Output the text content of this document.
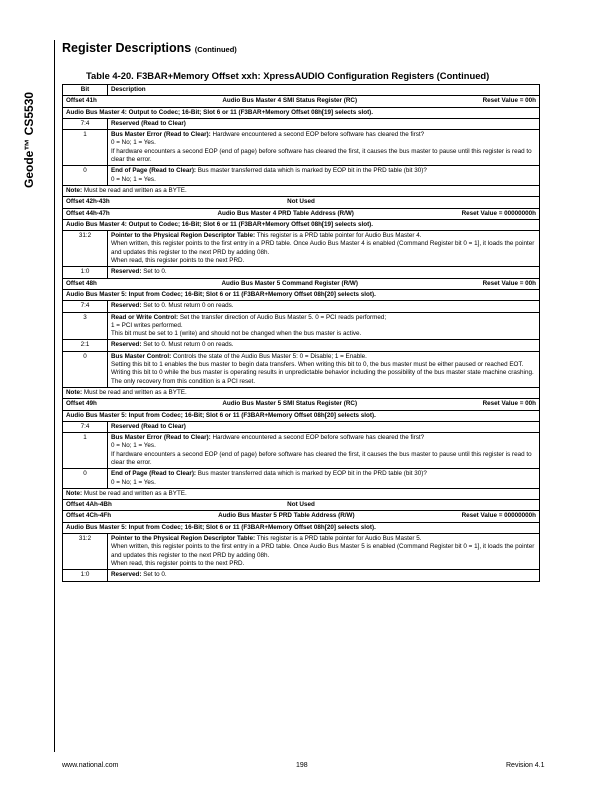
Geode™ CS5530
Register Descriptions (Continued)
Table 4-20. F3BAR+Memory Offset xxh: XpressAUDIO Configuration Registers (Continued)
Bit	Description

Offset 41h Audio Bus Master 4 SMI Status Register (RC) Reset Value = 00h	

Audio Bus Master 4: Output to Codec; 16-Bit; Slot 6 or 11 (F3BAR+Memory Offset 08h[19] selects slot).	
7:4	Reserved (Read to Clear)
1	Bus Master Error (Read to Clear): Hardware encountered a second EOP before software has cleared the first?
0 = No; 1 = Yes.
If hardware encounters a second EOP (end of page) before software has cleared the first, it causes the bus master to pause until this register is read to clear the error.

0	End of Page (Read to Clear): Bus master transferred data which is marked by EOP bit in the PRD table (bit 30)?
0 = No; 1 = Yes.

Note: Must be read and written as a BYTE.	

Offset 42h-43h Not Used	

Offset 44h-47h Audio Bus Master 4 PRD Table Address (R/W) Reset Value = 00000000h	

Audio Bus Master 4: Output to Codec; 16-Bit; Slot 6 or 11 (F3BAR+Memory Offset 08h[19] selects slot).	
31:2	Pointer to the Physical Region Descriptor Table: This register is a PRD table pointer for Audio Bus Master 4.
When written, this register points to the first entry in a PRD table. Once Audio Bus Master 4 is enabled (Command Register bit 0 = 1], it loads the pointer and updates this register to the next PRD by adding 08h.
When read, this register points to the next PRD.

1:0	Reserved: Set to 0.

Offset 48h Audio Bus Master 5 Command Register (R/W) Reset Value = 00h	

Audio Bus Master 5: Input from Codec; 16-Bit; Slot 6 or 11 (F3BAR+Memory Offset 08h[20] selects slot).	
7:4	Reserved: Set to 0. Must return 0 on reads.
3	Read or Write Control: Set the transfer direction of Audio Bus Master 5. 0 = PCI reads performed;
1 = PCI writes performed.
This bit must be set to 1 (write) and should not be changed when the bus master is active.

2:1	Reserved: Set to 0. Must return 0 on reads.
0	Bus Master Control: Controls the state of the Audio Bus Master 5: 0 = Disable; 1 = Enable.
Setting this bit to 1 enables the bus master to begin data transfers. When writing this bit to 0, the bus master must be either paused or reached EOT. Writing this bit to 0 while the bus master is operating results in unpredictable behavior including the possibility of the bus master state machine crashing. The only recovery from this condition is a PCI reset.

Note: Must be read and written as a BYTE.	

Offset 49h Audio Bus Master 5 SMI Status Register (RC) Reset Value = 00h	

Audio Bus Master 5: Input from Codec; 16-Bit; Slot 6 or 11 (F3BAR+Memory Offset 08h[20] selects slot).	
7:4	Reserved (Read to Clear)
1	Bus Master Error (Read to Clear): Hardware encountered a second EOP before software has cleared the first?
0 = No; 1 = Yes.
If hardware encounters a second EOP (end of page) before software has cleared the first, it causes the bus master to pause until this register is read to clear the error.

0	End of Page (Read to Clear): Bus master transferred data which is marked by EOP bit in the PRD table (bit 30)?
0 = No; 1 = Yes.

Note: Must be read and written as a BYTE.	

Offset 4Ah-4Bh Not Used	

Offset 4Ch-4Fh Audio Bus Master 5 PRD Table Address (R/W) Reset Value = 00000000h	

Audio Bus Master 5: Input from Codec; 16-Bit; Slot 6 or 11 (F3BAR+Memory Offset 08h[20] selects slot).	
31:2	Pointer to the Physical Region Descriptor Table: This register is a PRD table pointer for Audio Bus Master 5.
When written, this register points to the first entry in a PRD table. Once Audio Bus Master 5 is enabled (Command Register bit 0 = 1], it loads the pointer and updates this register to the next PRD by adding 08h.
When read, this register points to the next PRD.

1:0	Reserved: Set to 0.
www.national.com	198	Revision 4.1
